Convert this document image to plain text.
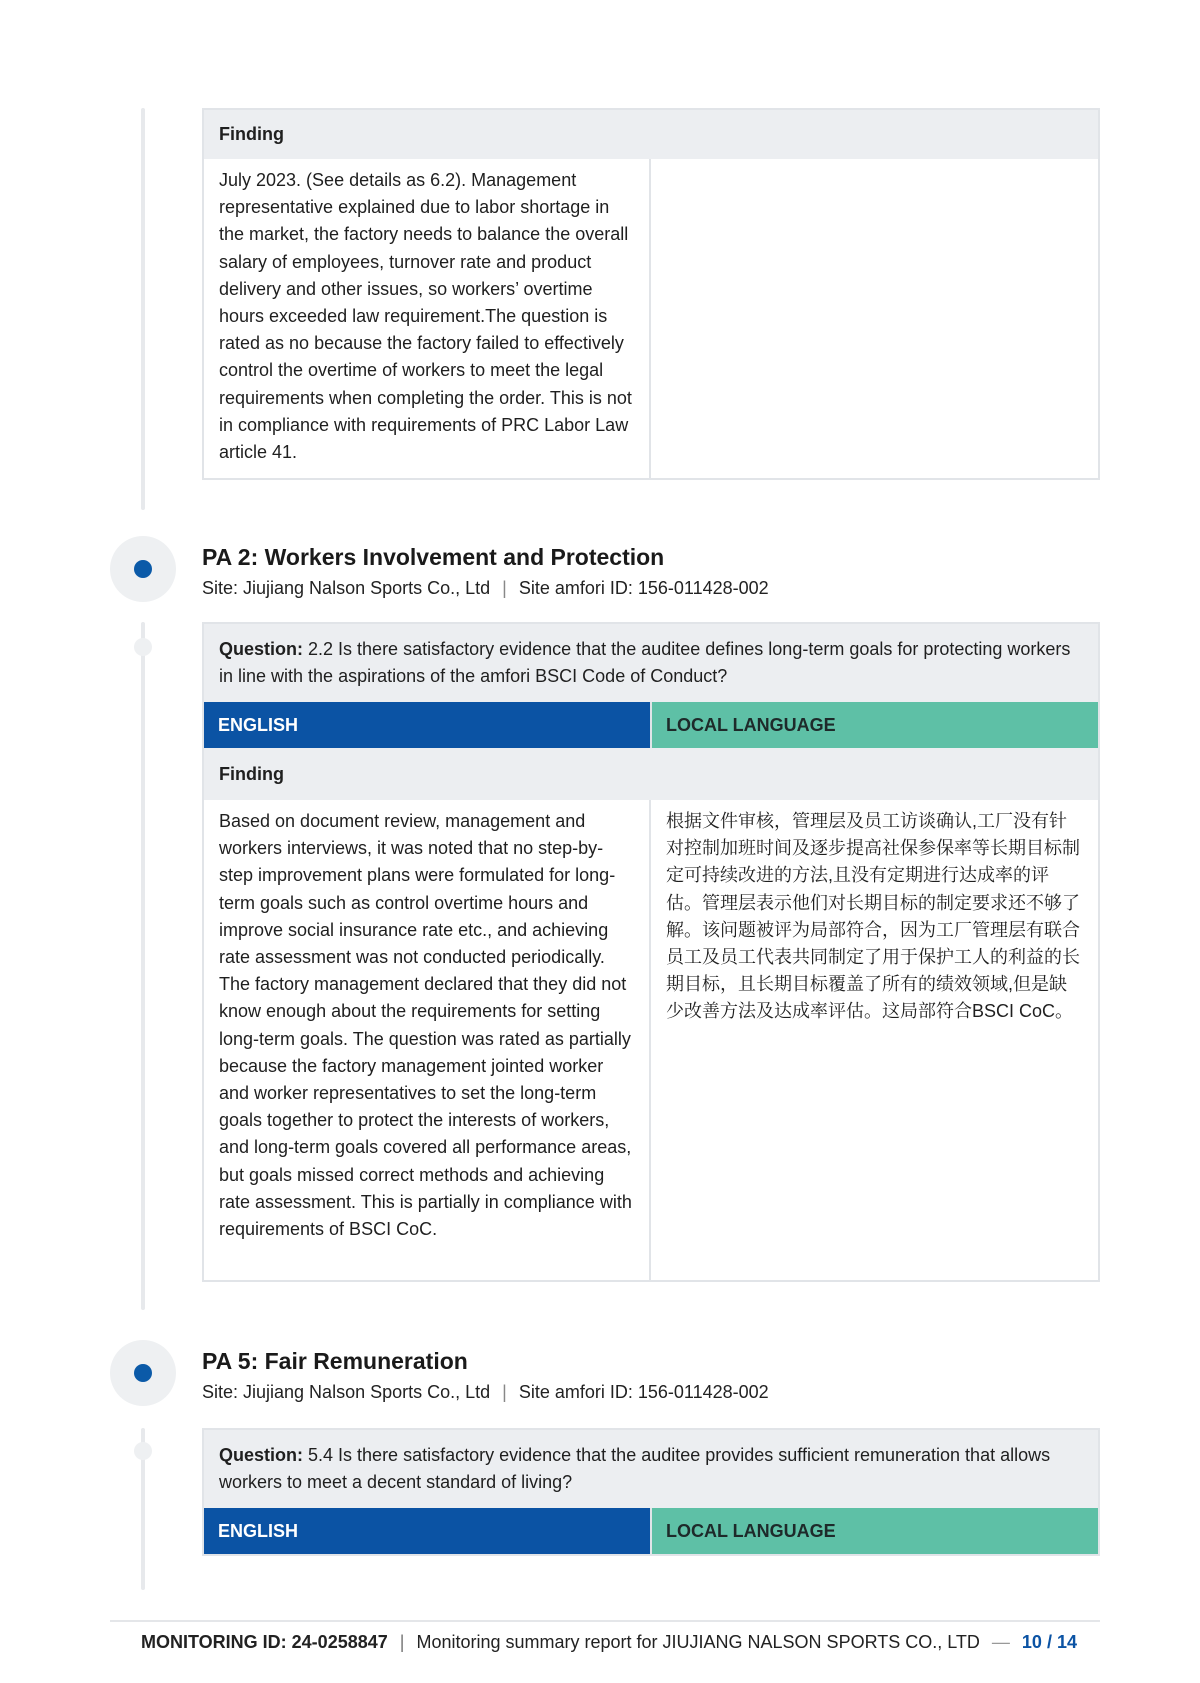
Finding
July 2023. (See details as 6.2). Management representative explained due to labor shortage in the market, the factory needs to balance the overall salary of employees, turnover rate and product delivery and other issues, so workers’ overtime hours exceeded law requirement.The question is rated as no because the factory failed to effectively control the overtime of workers to meet the legal requirements when completing the order. This is not in compliance with requirements of PRC Labor Law article 41.
PA 2: Workers Involvement and Protection
Site: Jiujiang Nalson Sports Co., Ltd | Site amfori ID: 156-011428-002
Question: 2.2 Is there satisfactory evidence that the auditee defines long-term goals for protecting workers in line with the aspirations of the amfori BSCI Code of Conduct?
ENGLISH	LOCAL LANGUAGE
Finding
Based on document review, management and workers interviews, it was noted that no step-by-step improvement plans were formulated for long-term goals such as control overtime hours and improve social insurance rate etc., and achieving rate assessment was not conducted periodically. The factory management declared that they did not know enough about the requirements for setting long-term goals. The question was rated as partially because the factory management jointed worker and worker representatives to set the long-term goals together to protect the interests of workers, and long-term goals covered all performance areas, but goals missed correct methods and achieving rate assessment. This is partially in compliance with requirements of BSCI CoC.
根据文件审核，管理层及员工访谈确认,工厂没有针对控制加班时间及逐步提高社保参保率等长期目标制定可持续改进的方法,且没有定期进行达成率的评估。管理层表示他们对长期目标的制定要求还不够了解。该问题被评为局部符合，因为工厂管理层有联合员工及员工代表共同制定了用于保护工人的利益的长期目标，且长期目标覆盖了所有的绩效领域,但是缺少改善方法及达成率评估。这局部符合BSCI CoC。
PA 5: Fair Remuneration
Site: Jiujiang Nalson Sports Co., Ltd | Site amfori ID: 156-011428-002
Question: 5.4 Is there satisfactory evidence that the auditee provides sufficient remuneration that allows workers to meet a decent standard of living?
ENGLISH	LOCAL LANGUAGE
MONITORING ID: 24-0258847 | Monitoring summary report for JIUJIANG NALSON SPORTS CO., LTD — 10 / 14
